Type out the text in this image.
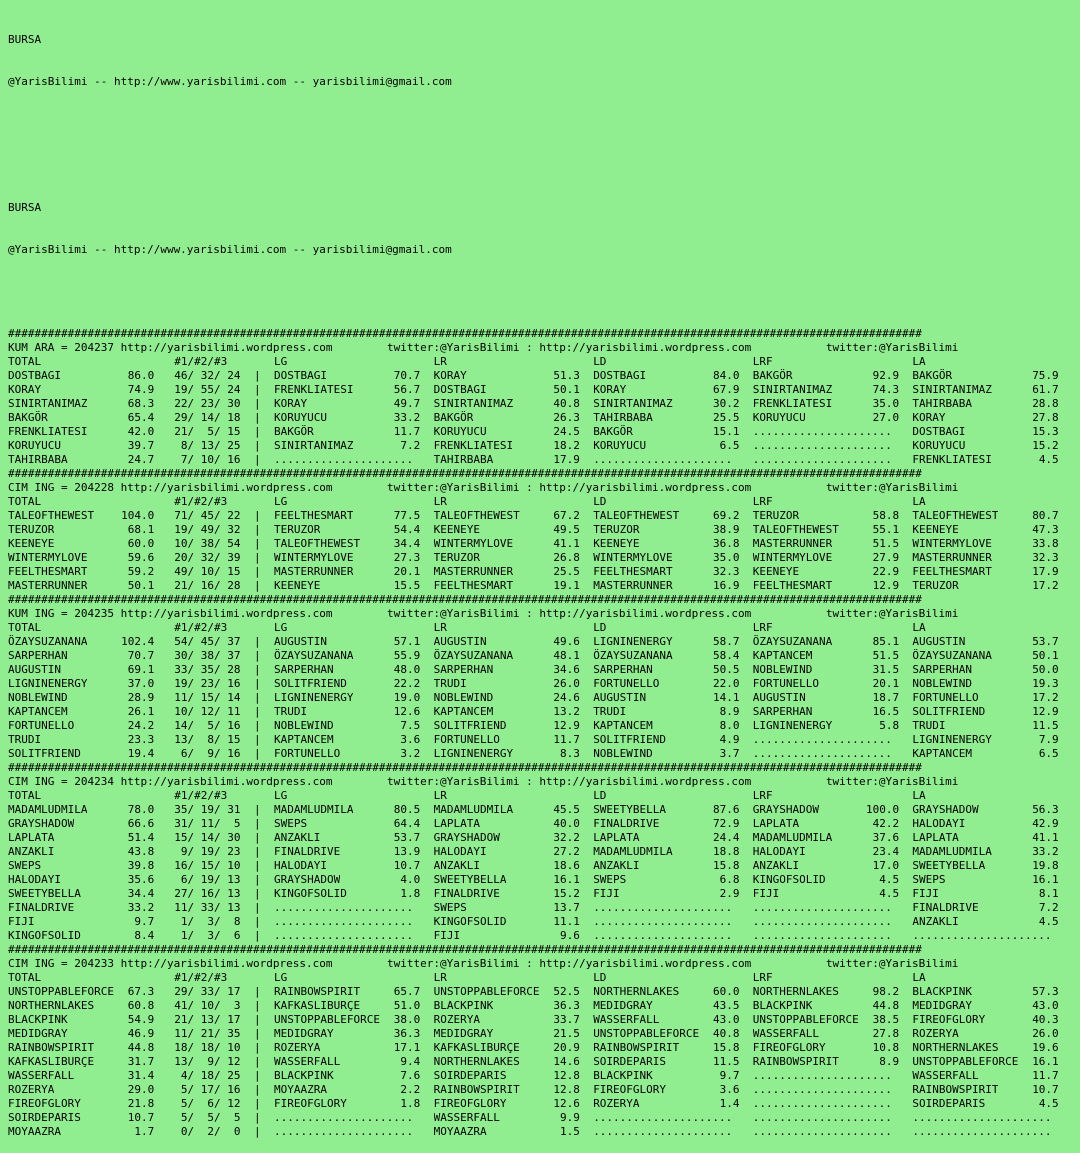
BURSA

@YarisBilimi -- http://www.yarisbilimi.com -- yarisbilimi@gmail.com

BURSA

@YarisBilimi -- http://www.yarisbilimi.com -- yarisbilimi@gmail.com

##########################################################################################################################################
KUM ARA = 204237 http://yarisbilimi.wordpress.com	twitter:@YarisBilimi : http://yarisbilimi.wordpress.com	twitter:@YarisBilimi
TOTAL	#1/#2/#3	LG	LR	LD	LRF	LA
DOSTBAGI	86.0 46/ 32/ 24 | DOSTBAGI	70.7 KORAY	51.3 DOSTBAGI	84.0 BAKGÖR	92.9 BAKGÖR	75.9
KORAY	74.9 19/ 55/ 24 | FRENKLIATESI	56.7 DOSTBAGI	50.1 KORAY	67.9 SINIRTANIMAZ	74.3 SINIRTANIMAZ	61.7
SINIRTANIMAZ	68.3 22/ 23/ 30 | KORAY	49.7 SINIRTANIMAZ	40.8 SINIRTANIMAZ	30.2 FRENKLIATESI	35.0 TAHIRBABA	28.8
BAKGÖR	65.4 29/ 14/ 18 | KORUYUCU	33.2 BAKGÖR	26.3 TAHIRBABA	25.5 KORUYUCU	27.0 KORAY	27.8
FRENKLIATESI	42.0 21/  5/ 15 | BAKGÖR	11.7 KORUYUCU	24.5 BAKGÖR	15.1 ..................... DOSTBAGI	15.3
KORUYUCU	39.7 8/ 13/ 25 | SINIRTANIMAZ	7.2 FRENKLIATESI	18.2 KORUYUCU	6.5 ..................... KORUYUCU	15.2
TAHIRBABA	24.7 7/ 10/ 16 | ..................... TAHIRBABA	17.9 ..................... ..................... FRENKLIATESI	4.5
##########################################################################################################################################
CIM ING = 204228 http://yarisbilimi.wordpress.com	twitter:@YarisBilimi : http://yarisbilimi.wordpress.com	twitter:@YarisBilimi
TOTAL	#1/#2/#3	LG	LR	LD	LRF	LA
TALEOFTHEWEST	104.0 71/ 45/ 22 | FEELTHESMART	77.5 TALEOFTHEWEST	67.2 TALEOFTHEWEST	69.2 TERUZOR	58.8 TALEOFTHEWEST	80.7
TERUZOR	68.1 19/ 49/ 32 | TERUZOR	54.4 KEENEYE	49.5 TERUZOR	38.9 TALEOFTHEWEST	55.1 KEENEYE	47.3
KEENEYE	60.0 10/ 38/ 54 | TALEOFTHEWEST	34.4 WINTERMYLOVE	41.1 KEENEYE	36.8 MASTERRUNNER	51.5 WINTERMYLOVE	33.8
WINTERMYLOVE	59.6 20/ 32/ 39 | WINTERMYLOVE	27.3 TERUZOR	26.8 WINTERMYLOVE	35.0 WINTERMYLOVE	27.9 MASTERRUNNER	32.3
FEELTHESMART	59.2 49/ 10/ 15 | MASTERRUNNER	20.1 MASTERRUNNER	25.5 FEELTHESMART	32.3 KEENEYE	22.9 FEELTHESMART	17.9
MASTERRUNNER	50.1 21/ 16/ 28 | KEENEYE	15.5 FEELTHESMART	19.1 MASTERRUNNER	16.9 FEELTHESMART	12.9 TERUZOR	17.2
##########################################################################################################################################
KUM ING = 204235 http://yarisbilimi.wordpress.com	twitter:@YarisBilimi : http://yarisbilimi.wordpress.com	twitter:@YarisBilimi
TOTAL	#1/#2/#3	LG	LR	LD	LRF	LA
ÖZAYSUZANANA	102.4 54/ 45/ 37 | AUGUSTIN	57.1 AUGUSTIN	49.6 LIGNINENERGY	58.7 ÖZAYSUZANANA	85.1 AUGUSTIN	53.7
SARPERHAN	70.7 30/ 38/ 37 | ÖZAYSUZANANA	55.9 ÖZAYSUZANANA	48.1 ÖZAYSUZANANA	58.4 KAPTANCEM	51.5 ÖZAYSUZANANA	50.1
AUGUSTIN	69.1 33/ 35/ 28 | SARPERHAN	48.0 SARPERHAN	34.6 SARPERHAN	50.5 NOBLEWIND	31.5 SARPERHAN	50.0
LIGNINENERGY	37.0 19/ 23/ 16 | SOLITFRIEND	22.2 TRUDI	26.0 FORTUNELLO	22.0 FORTUNELLO	20.1 NOBLEWIND	19.3
NOBLEWIND	28.9 11/ 15/ 14 | LIGNINENERGY	19.0 NOBLEWIND	24.6 AUGUSTIN	14.1 AUGUSTIN	18.7 FORTUNELLO	17.2
KAPTANCEM	26.1 10/ 12/ 11 | TRUDI	12.6 KAPTANCEM	13.2 TRUDI	8.9 SARPERHAN	16.5 SOLITFRIEND	12.9
FORTUNELLO	24.2 14/  5/ 16 | NOBLEWIND	7.5 SOLITFRIEND	12.9 KAPTANCEM	8.0 LIGNINENERGY	5.8 TRUDI	11.5
TRUDI	23.3 13/  8/ 15 | KAPTANCEM	3.6 FORTUNELLO	11.7 SOLITFRIEND	4.9 ..................... LIGNINENERGY	7.9
SOLITFRIEND	19.4 6/  9/ 16 | FORTUNELLO	3.2 LIGNINENERGY	8.3 NOBLEWIND	3.7 ..................... KAPTANCEM	6.5
##########################################################################################################################################
CIM ING = 204234 http://yarisbilimi.wordpress.com	twitter:@YarisBilimi : http://yarisbilimi.wordpress.com	twitter:@YarisBilimi
TOTAL	#1/#2/#3	LG	LR	LD	LRF	LA
MADAMLUDMILA	78.0 35/ 19/ 31 | MADAMLUDMILA	80.5 MADAMLUDMILA	45.5 SWEETYBELLA	87.6 GRAYSHADOW	100.0 GRAYSHADOW	56.3
GRAYSHADOW	66.6 31/ 11/  5 | SWEPS	64.4 LAPLATA	40.0 FINALDRIVE	72.9 LAPLATA	42.2 HALODAYI	42.9
LAPLATA	51.4 15/ 14/ 30 | ANZAKLI	53.7 GRAYSHADOW	32.2 LAPLATA	24.4 MADAMLUDMILA	37.6 LAPLATA	41.1
ANZAKLI	43.8 9/ 19/ 23 | FINALDRIVE	13.9 HALODAYI	27.2 MADAMLUDMILA	18.8 HALODAYI	23.4 MADAMLUDMILA	33.2
SWEPS	39.8 16/ 15/ 10 | HALODAYI	10.7 ANZAKLI	18.6 ANZAKLI	15.8 ANZAKLI	17.0 SWEETYBELLA	19.8
HALODAYI	35.6 6/ 19/ 13 | GRAYSHADOW	4.0 SWEETYBELLA	16.1 SWEPS	6.8 KINGOFSOLID	4.5 SWEPS	16.1
SWEETYBELLA	34.4 27/ 16/ 13 | KINGOFSOLID	1.8 FINALDRIVE	15.2 FIJI	2.9 FIJI	4.5 FIJI	8.1
FINALDRIVE	33.2 11/ 33/ 13 | ..................... SWEPS	13.7 ..................... ..................... FINALDRIVE	7.2
FIJI	9.7 1/  3/  8 | ..................... KINGOFSOLID	11.1 ..................... ..................... ANZAKLI	4.5
KINGOFSOLID	8.4 1/  3/  6 | ..................... FIJI	9.6 ..................... ..................... .....................
##########################################################################################################################################
CIM ING = 204233 http://yarisbilimi.wordpress.com	twitter:@YarisBilimi : http://yarisbilimi.wordpress.com	twitter:@YarisBilimi
TOTAL	#1/#2/#3	LG	LR	LD	LRF	LA
UNSTOPPABLEFORCE	67.3 29/ 33/ 17 | RAINBOWSPIRIT	65.7 UNSTOPPABLEFORCE	52.5 NORTHERNLAKES	60.0 NORTHERNLAKES	98.2 BLACKPINK	57.3
NORTHERNLAKES	60.8 41/ 10/  3 | KAFKASLIBURÇE	51.0 BLACKPINK	36.3 MEDIDGRAY	43.5 BLACKPINK	44.8 MEDIDGRAY	43.0
BLACKPINK	54.9 21/ 13/ 17 | UNSTOPPABLEFORCE	38.0 ROZERYA	33.7 WASSERFALL	43.0 UNSTOPPABLEFORCE	38.5 FIREOFGLORY	40.3
MEDIDGRAY	46.9 11/ 21/ 35 | MEDIDGRAY	36.3 MEDIDGRAY	21.5 UNSTOPPABLEFORCE	40.8 WASSERFALL	27.8 ROZERYA	26.0
RAINBOWSPIRIT	44.8 18/ 18/ 10 | ROZERYA	17.1 KAFKASLIBURÇE	20.9 RAINBOWSPIRIT	15.8 FIREOFGLORY	10.8 NORTHERNLAKES	19.6
KAFKASLIBURÇE	31.7 13/  9/ 12 | WASSERFALL	9.4 NORTHERNLAKES	14.6 SOIRDEPARIS	11.5 RAINBOWSPIRIT	8.9 UNSTOPPABLEFORCE	16.1
WASSERFALL	31.4 4/ 18/ 25 | BLACKPINK	7.6 SOIRDEPARIS	12.8 BLACKPINK	9.7 ..................... WASSERFALL	11.7
ROZERYA	29.0 5/ 17/ 16 | MOYAAZRA	2.2 RAINBOWSPIRIT	12.8 FIREOFGLORY	3.6 ..................... RAINBOWSPIRIT	10.7
FIREOFGLORY	21.8 5/  6/ 12 | FIREOFGLORY	1.8 FIREOFGLORY	12.6 ROZERYA	1.4 ..................... SOIRDEPARIS	4.5
SOIRDEPARIS	10.7 5/  5/  5 | ..................... WASSERFALL	9.9 ..................... ..................... .....................
MOYAAZRA	1.7 0/  2/  0 | ..................... MOYAAZRA	1.5 ..................... ..................... .....................
